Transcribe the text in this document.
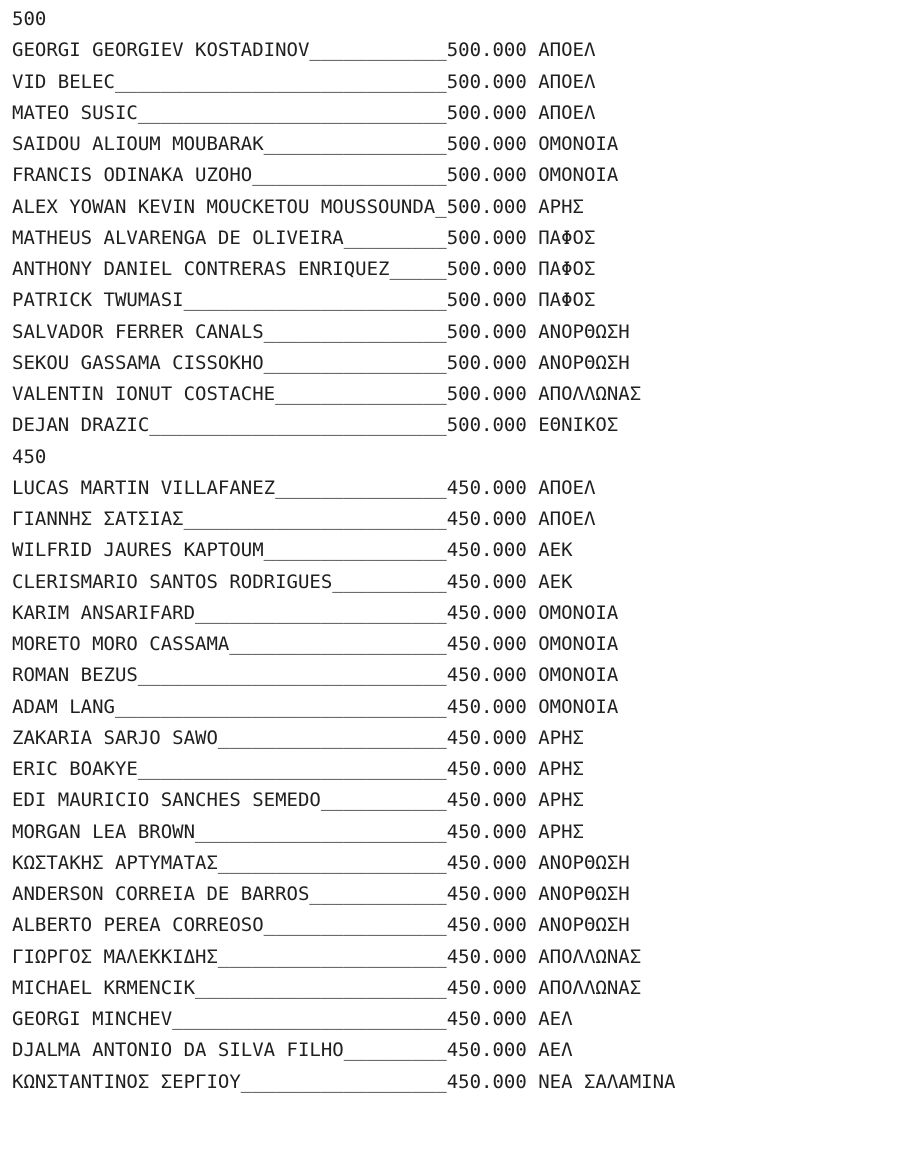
500
GEORGI GEORGIEV KOSTADINOV____________500.000 ΑΠΟΕΛ
VID BELEC_____________________________500.000 ΑΠΟΕΛ
MATEO SUSIC___________________________500.000 ΑΠΟΕΛ
SAIDOU ALIOUM MOUBARAK________________500.000 ΟΜΟΝΟΙΑ
FRANCIS ODINAKA UZOHO_________________500.000 ΟΜΟΝΟΙΑ
ALEX YOWAN KEVIN MOUCKETOU MOUSSOUNDA_500.000 ΑΡΗΣ
MATHEUS ALVARENGA DE OLIVEIRA_________500.000 ΠΑΦΟΣ
ANTHONY DANIEL CONTRERAS ENRIQUEZ_____500.000 ΠΑΦΟΣ
PATRICK TWUMASI_______________________500.000 ΠΑΦΟΣ
SALVADOR FERRER CANALS________________500.000 ΑΝΟΡΘΩΣΗ
SEKOU GASSAMA CISSOKHO________________500.000 ΑΝΟΡΘΩΣΗ
VALENTIN IONUT COSTACHE_______________500.000 ΑΠΟΛΛΩΝΑΣ
DEJAN DRAZIC__________________________500.000 ΕΘΝΙΚΟΣ
450
LUCAS MARTIN VILLAFANEZ_______________450.000 ΑΠΟΕΛ
ΓΙΑΝΝΗΣ ΣΑΤΣΙΑΣ_______________________450.000 ΑΠΟΕΛ
WILFRID JAURES KAPTOUM________________450.000 ΑΕΚ
CLERISMARIO SANTOS RODRIGUES__________450.000 ΑΕΚ
KARIM ANSARIFARD______________________450.000 ΟΜΟΝΟΙΑ
MORETO MORO CASSAMA___________________450.000 ΟΜΟΝΟΙΑ
ROMAN BEZUS___________________________450.000 ΟΜΟΝΟΙΑ
ADAM LANG_____________________________450.000 ΟΜΟΝΟΙΑ
ZAKARIA SARJO SAWO____________________450.000 ΑΡΗΣ
ERIC BOAKYE___________________________450.000 ΑΡΗΣ
EDI MAURICIO SANCHES SEMEDO___________450.000 ΑΡΗΣ
MORGAN LEA BROWN______________________450.000 ΑΡΗΣ
ΚΩΣΤΑΚΗΣ ΑΡΤΥΜΑΤΑΣ____________________450.000 ΑΝΟΡΘΩΣΗ
ANDERSON CORREIA DE BARROS____________450.000 ΑΝΟΡΘΩΣΗ
ALBERTO PEREA CORREOSO________________450.000 ΑΝΟΡΘΩΣΗ
ΓΙΩΡΓΟΣ ΜΑΛΕΚΚΙΔΗΣ____________________450.000 ΑΠΟΛΛΩΝΑΣ
MICHAEL KRMENCIK______________________450.000 ΑΠΟΛΛΩΝΑΣ
GEORGI MINCHEV________________________450.000 ΑΕΛ
DJALMA ANTONIO DA SILVA FILHO_________450.000 ΑΕΛ
ΚΩΝΣΤΑΝΤΙΝΟΣ ΣΕΡΓΙΟΥ__________________450.000 ΝΕΑ ΣΑΛΑΜΙΝΑ
